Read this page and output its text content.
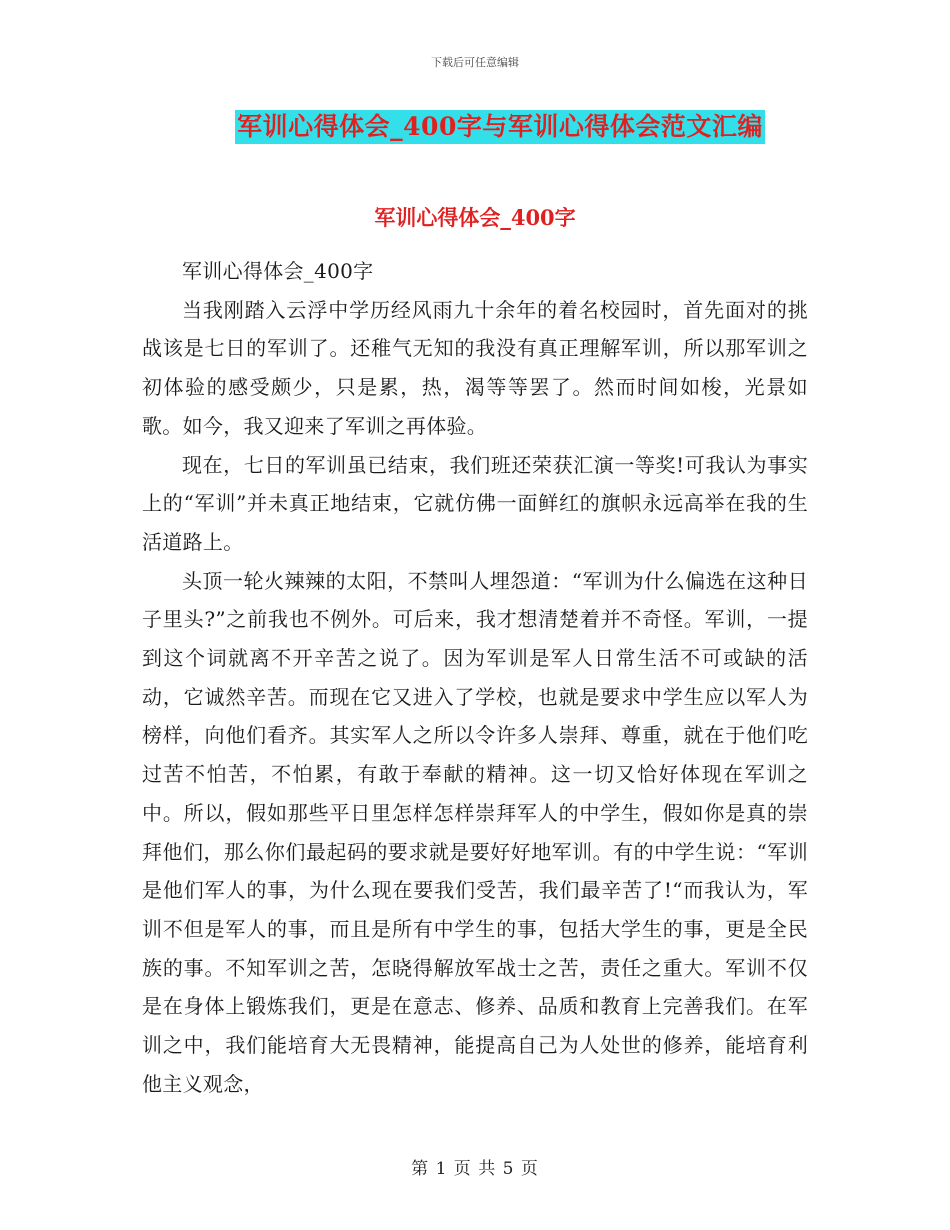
下载后可任意编辑
军训心得体会_400字与军训心得体会范文汇编
军训心得体会_400字

军训心得体会_400字

当我刚踏入云浮中学历经风雨九十余年的着名校园时，首先面对的挑战该是七日的军训了。还稚气无知的我没有真正理解军训，所以那军训之初体验的感受颇少，只是累，热，渴等等罢了。然而时间如梭，光景如歌。如今，我又迎来了军训之再体验。

现在，七日的军训虽已结束，我们班还荣获汇演一等奖!可我认为事实上的“军训”并未真正地结束，它就仿佛一面鲜红的旗帜永远高举在我的生活道路上。

头顶一轮火辣辣的太阳，不禁叫人埋怨道：“军训为什么偏选在这种日子里头?”之前我也不例外。可后来，我才想清楚着并不奇怪。军训，一提到这个词就离不开辛苦之说了。因为军训是军人日常生活不可或缺的活动，它诚然辛苦。而现在它又进入了学校，也就是要求中学生应以军人为榜样，向他们看齐。其实军人之所以令许多人崇拜、尊重，就在于他们吃过苦不怕苦，不怕累，有敢于奉献的精神。这一切又恰好体现在军训之中。所以，假如那些平日里怎样怎样崇拜军人的中学生，假如你是真的崇拜他们，那么你们最起码的要求就是要好好地军训。有的中学生说：“军训是他们军人的事，为什么现在要我们受苦，我们最辛苦了!“而我认为，军训不但是军人的事，而且是所有中学生的事，包括大学生的事，更是全民族的事。不知军训之苦，怎晓得解放军战士之苦，责任之重大。军训不仅是在身体上锻炼我们，更是在意志、修养、品质和教育上完善我们。在军训之中，我们能培育大无畏精神，能提高自己为人处世的修养，能培育利他主义观念，

第 1 页 共 5 页
